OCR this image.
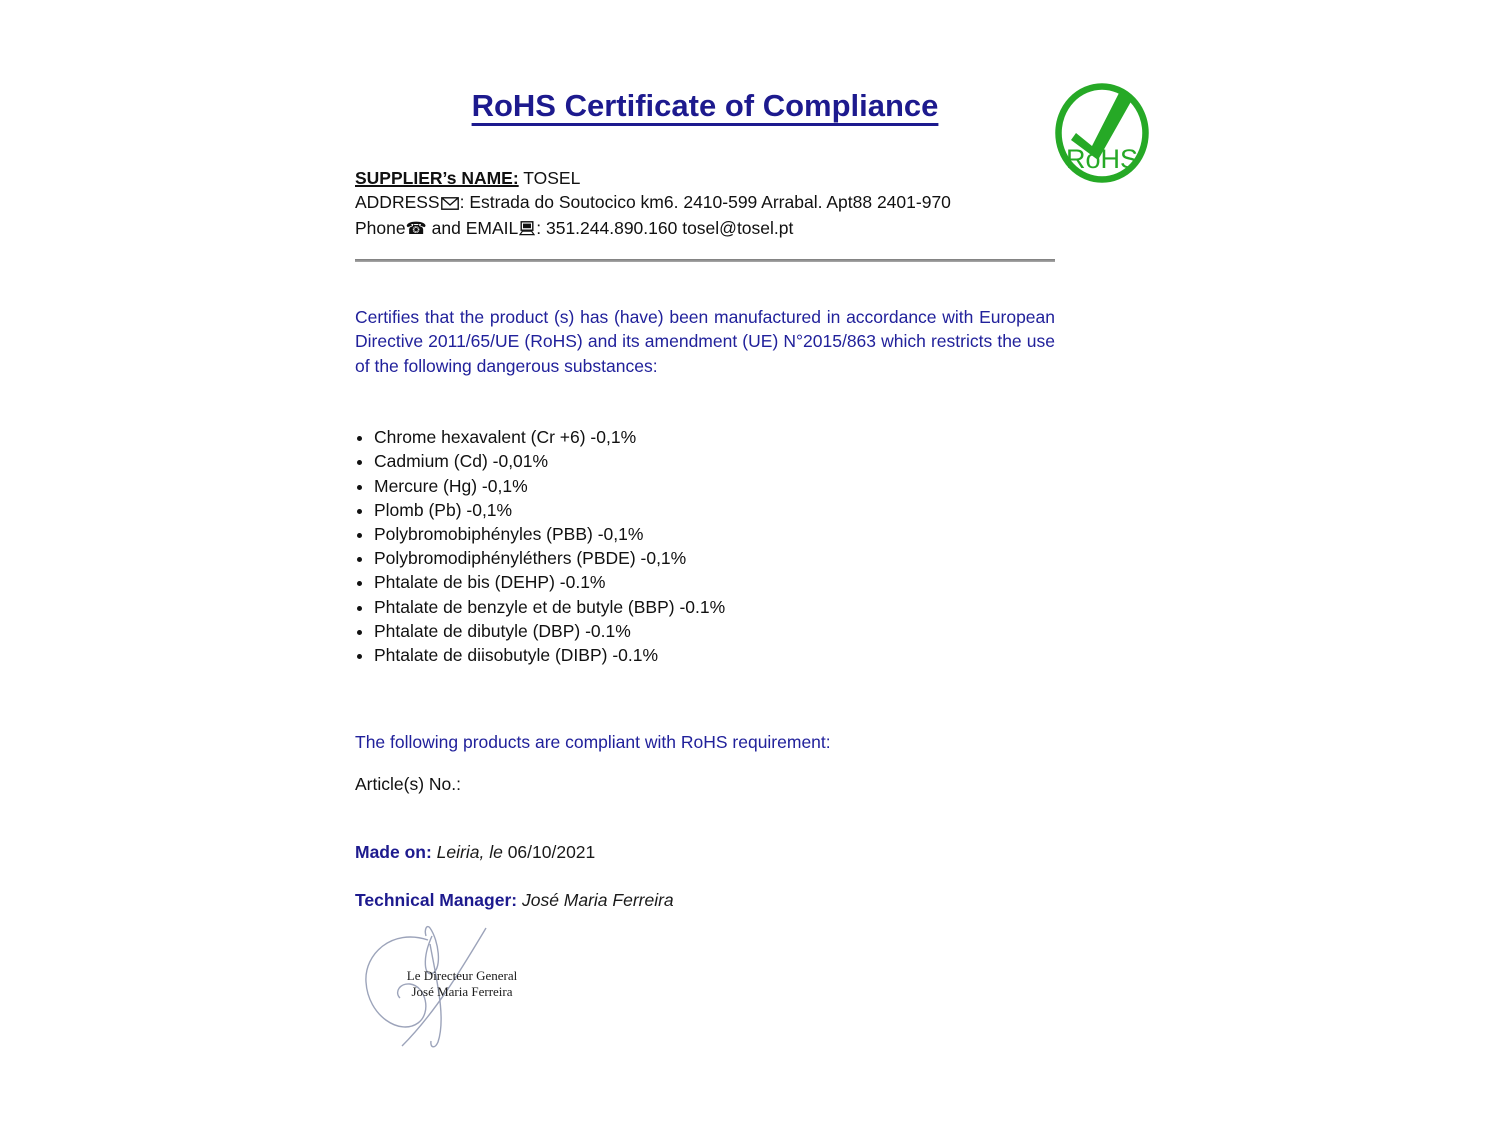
RoHS
RoHS Certificate of Compliance
SUPPLIER’s NAME: TOSEL
ADDRESS : Estrada do Soutocico km6. 2410-599 Arrabal. Apt88 2401-970
Phone☎ and EMAIL : 351.244.890.160 tosel@tosel.pt

Certifies that the product (s) has (have) been manufactured in accordance with European Directive 2011/65/UE (RoHS) and its amendment (UE) N°2015/863 which restricts the use of the following dangerous substances:

• Chrome hexavalent (Cr +6) -0,1%
• Cadmium (Cd) -0,01%
• Mercure (Hg) -0,1%
• Plomb (Pb) -0,1%
• Polybromobiphényles (PBB) -0,1%
• Polybromodiphényléthers (PBDE) -0,1%
• Phtalate de bis (DEHP) -0.1%
• Phtalate de benzyle et de butyle (BBP) -0.1%
• Phtalate de dibutyle (DBP) -0.1%
• Phtalate de diisobutyle (DIBP) -0.1%

The following products are compliant with RoHS requirement:

Article(s) No.:

Made on: Leiria, le 06/10/2021

Technical Manager: José Maria Ferreira

Le Directeur General
José Maria Ferreira
